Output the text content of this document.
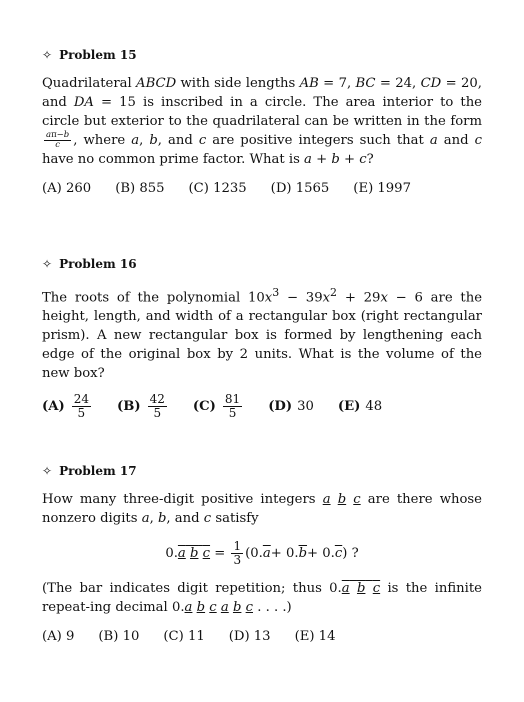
✧ Problem 15
Quadrilateral ABCD with side lengths AB = 7, BC = 24, CD = 20, and DA = 15 is inscribed in a circle. The area interior to the circle but exterior to the quadrilateral can be written in the form
$\frac{a\pi-b}{c}$ , where a, b, and c are positive integers such that a and c have no common prime factor. What is a + b + c?
(A) 260 (B) 855 (C) 1235 (D) 1565 (E) 1997
✧ Problem 16
The roots of the polynomial $10x^3 - 39x^2 + 29x - 6$ are the height, length, and width of a rectangular box (right rectangular prism). A new rectangular box is formed by lengthening each edge of the original box by 2 units. What is the volume of the new box?
$(A) \frac{24}{5} (B) \frac{42}{5} (C) \frac{81}{5} (D)$ 30 (E) 48
✧ Problem 17
How many three-digit positive integers a b c are there whose nonzero digits a, b, and c satisfy
0. a b $c = \frac{1}{3} (0$. $\overline{a} + 0$. $\overline{b} + 0$. $\overline{c}$ ) ?
(The bar indicates digit repetition; thus 0.a b c is the infinite repeat-ing decimal 0.a b c a b c . . . .)
(A) 9 (B) 10 (C) 11 (D) 13 (E) 14
